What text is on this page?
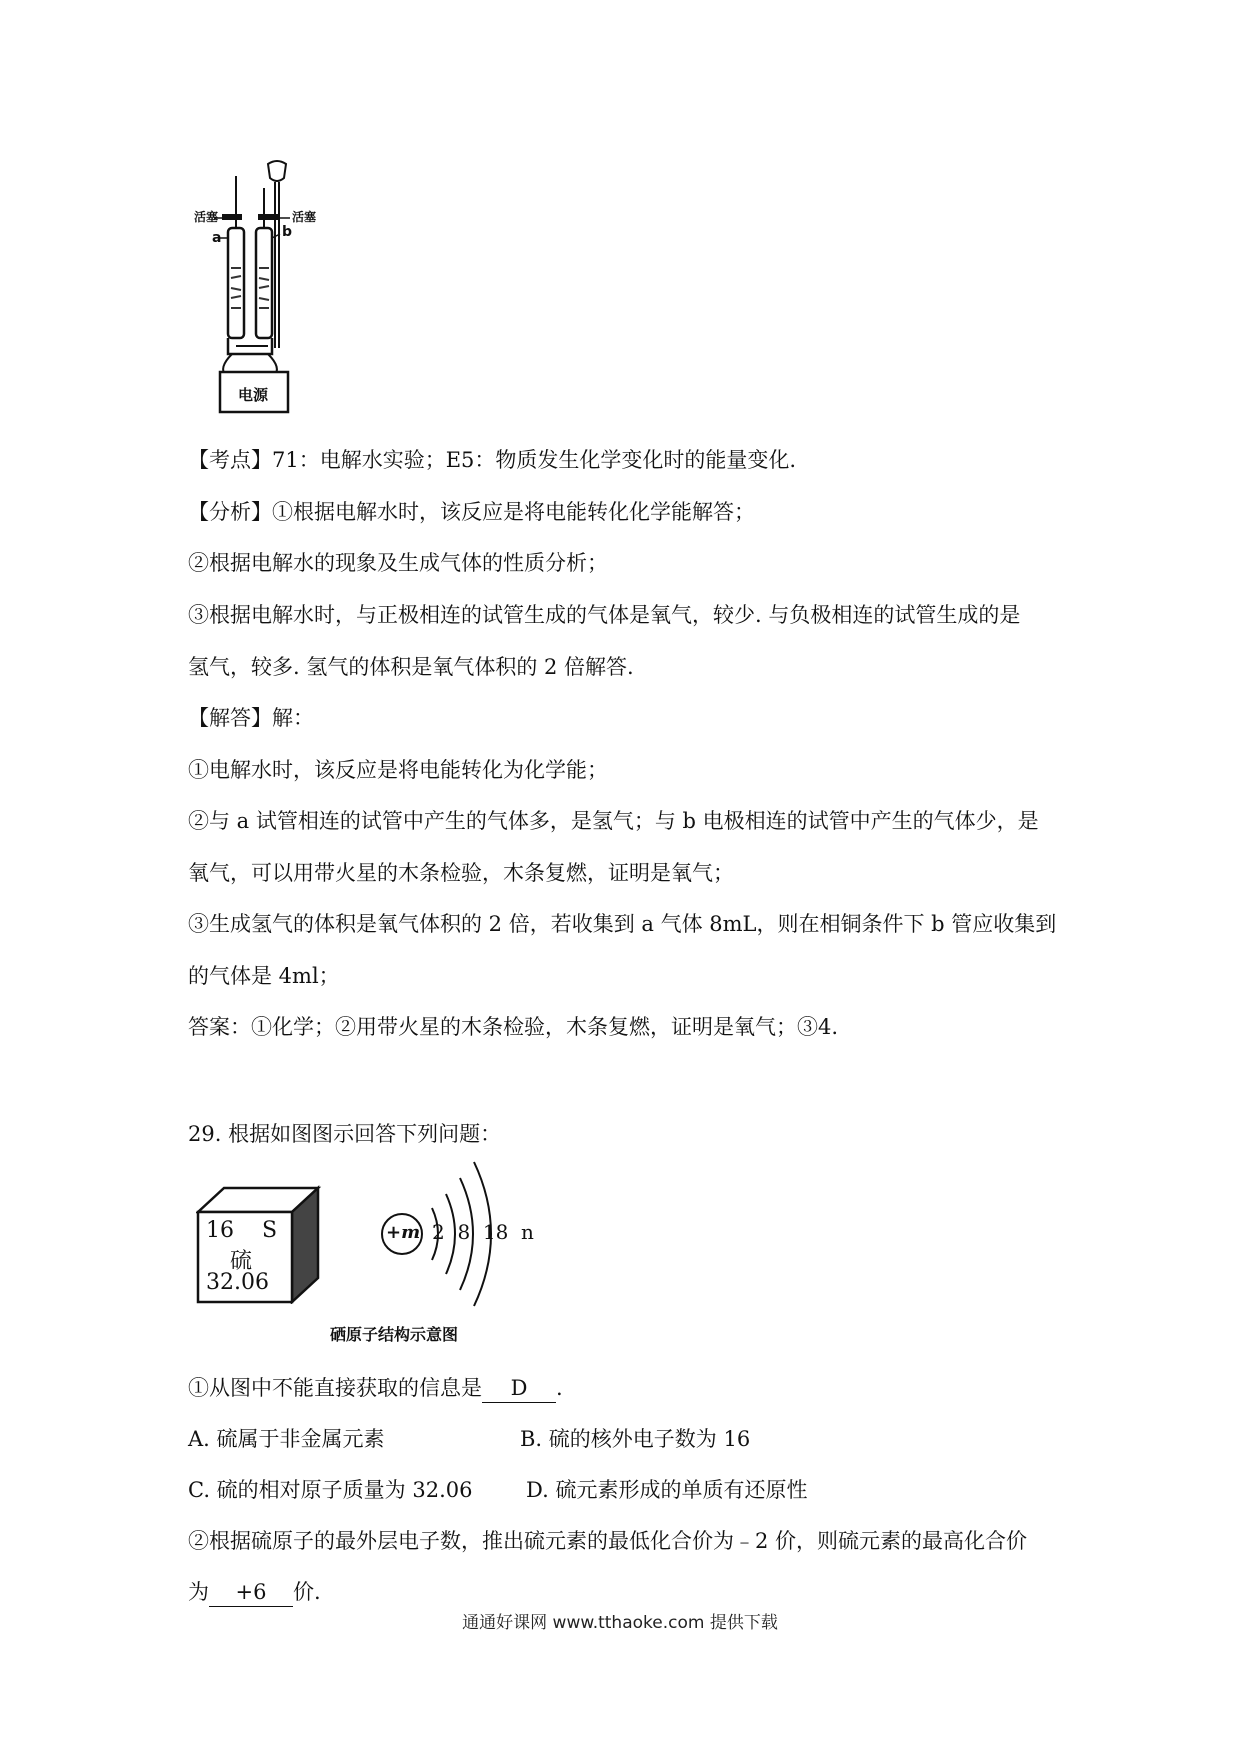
活塞	活塞
a	b
电源
【考点】71：电解水实验；E5：物质发生化学变化时的能量变化.
【分析】①根据电解水时，该反应是将电能转化化学能解答；
②根据电解水的现象及生成气体的性质分析；
③根据电解水时，与正极相连的试管生成的气体是氧气，较少. 与负极相连的试管生成的是
氢气，较多. 氢气的体积是氧气体积的 2 倍解答.
【解答】解：
①电解水时，该反应是将电能转化为化学能；
②与 a 试管相连的试管中产生的气体多，是氢气；与 b 电极相连的试管中产生的气体少，是
氧气，可以用带火星的木条检验，木条复燃，证明是氧气；
③生成氢气的体积是氧气体积的 2 倍，若收集到 a 气体 8mL，则在相铜条件下 b 管应收集到
的气体是 4ml；
答案：①化学；②用带火星的木条检验，木条复燃，证明是氧气；③4.
29. 根据如图图示回答下列问题：
16 S
硫
32.06
+m 2  8  18  n
硒原子结构示意图
①从图中不能直接获取的信息是 D .
A. 硫属于非金属元素	B. 硫的核外电子数为 16
C. 硫的相对原子质量为 32.06	D. 硫元素形成的单质有还原性
②根据硫原子的最外层电子数，推出硫元素的最低化合价为﹣2 价，则硫元素的最高化合价
为 +6 价.
通通好课网 www.tthaoke.com 提供下载
